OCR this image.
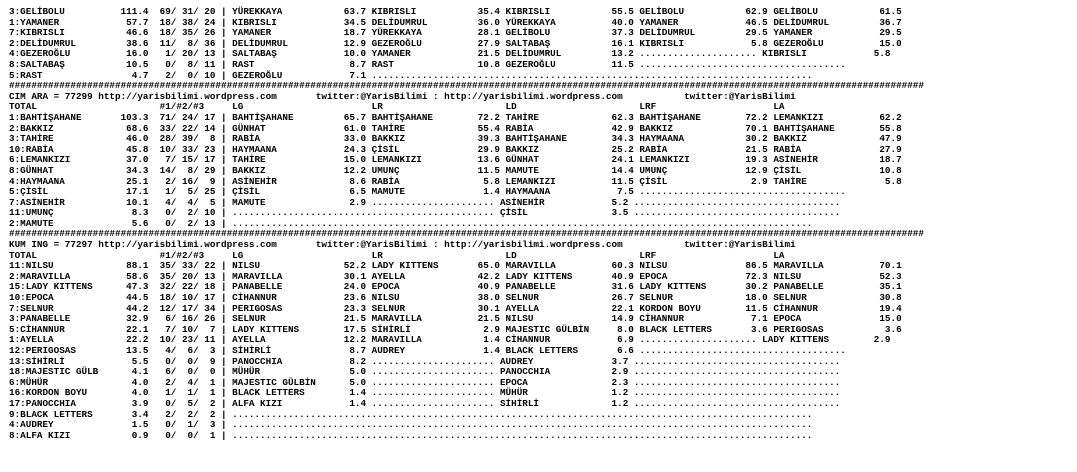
3:GELİBOLU          111.4  69/ 31/ 20 | YÜREKKAYA           63.7 KIBRISLI           35.4 KIBRISLI           55.5 GELİBOLU           62.9 GELİBOLU           61.5
1:YAMANER            57.7  18/ 38/ 24 | KIBRISLI            34.5 DELİDUMRUL         36.0 YÜREKKAYA          40.0 YAMANER            46.5 DELİDUMRUL         36.7
7:KIBRISLI           46.6  18/ 35/ 26 | YAMANER             18.7 YÜREKKAYA          28.1 GELİBOLU           37.3 DELİDUMRUL         29.5 YAMANER            29.5
2:DELİDUMRUL         38.6  11/  8/ 36 | DELİDUMRUL          12.9 GEZEROĞLU          27.9 SALTABAŞ           16.1 KIBRISLI            5.8 GEZEROĞLU          15.0
4:GEZEROĞLU          16.0   1/ 20/ 13 | SALTABAŞ            10.0 YAMANER            21.5 DELİDUMRUL         13.2 ..................... KIBRISLI            5.8
8:SALTABAŞ           10.5   0/  8/ 11 | RAST                 8.7 RAST               10.8 GEZEROĞLU          11.5 .....................................
5:RAST                4.7   2/  0/ 10 | GEZEROĞLU            7.1 ...............................................................................
####################################################################################################################################################################
CIM ARA = 77299 http://yarisbilimi.wordpress.com       twitter:@YarisBilimi : http://yarisbilimi.wordpress.com           twitter:@YarisBilimi
TOTAL                      #1/#2/#3     LG                       LR                      LD                      LRF                     LA
1:BAHTİŞAHANE       103.3  71/ 24/ 17 | BAHTİŞAHANE         65.7 BAHTİŞAHANE        72.2 TAHİRE             62.3 BAHTİŞAHANE        72.2 LEMANKIZI          62.2
2:BAKKIZ             68.6  33/ 22/ 14 | GÜNHAT              61.0 TAHİRE             55.4 RABİA              42.9 BAKKIZ             70.1 BAHTİŞAHANE        55.8
3:TAHİRE             46.0  28/ 39/  8 | RABİA               33.0 BAKKIZ             39.3 BAHTİŞAHANE        34.3 HAYMAANA           30.2 BAKKIZ             47.9
10:RABİA             45.8  10/ 33/ 23 | HAYMAANA            24.3 ÇİSİL              29.9 BAKKIZ             25.2 RABİA              21.5 RABİA              27.9
6:LEMANKIZI          37.0   7/ 15/ 17 | TAHİRE              15.0 LEMANKIZI          13.6 GÜNHAT             24.1 LEMANKIZI          19.3 ASİNEHİR           18.7
8:GÜNHAT             34.3  14/  8/ 29 | BAKKIZ              12.2 UMUNÇ              11.5 MAMUTE             14.4 UMUNÇ              12.9 ÇİSİL              10.8
4:HAYMAANA           25.1   2/ 16/  9 | ASİNEHİR             8.6 RABİA               5.8 LEMANKIZI          11.5 ÇİSİL               2.9 TAHİRE              5.8
5:ÇİSİL              17.1   1/  5/ 25 | ÇİSİL                6.5 MAMUTE              1.4 HAYMAANA            7.5 .....................................
7:ASİNEHİR           10.1   4/  4/  5 | MAMUTE               2.9 ...................... ASİNEHİR            5.2 .....................................
11:UMUNÇ              8.3   0/  2/ 10 | ............................................... ÇİSİL               3.5 .....................................
2:MAMUTE              5.6   0/  2/ 13 | ........................................................................................................
####################################################################################################################################################################
KUM ING = 77297 http://yarisbilimi.wordpress.com       twitter:@YarisBilimi : http://yarisbilimi.wordpress.com           twitter:@YarisBilimi
TOTAL                      #1/#2/#3     LG                       LR                      LD                      LRF                     LA
11:NILSU             88.1  35/ 33/ 22 | NILSU               52.2 LADY KITTENS       65.0 MARAVILLA          60.3 NILSU              86.5 MARAVILLA          70.1
2:MARAVILLA          58.6  35/ 20/ 13 | MARAVILLA           30.1 AYELLA             42.2 LADY KITTENS       40.9 EPOCA              72.3 NILSU              52.3
15:LADY KITTENS      47.3  32/ 22/ 18 | PANABELLE           24.0 EPOCA              40.9 PANABELLE          31.6 LADY KITTENS       30.2 PANABELLE          35.1
10:EPOCA             44.5  18/ 10/ 17 | CİHANNUR            23.6 NILSU              38.0 SELNUR             26.7 SELNUR             18.0 SELNUR             30.8
7:SELNUR             44.2  12/ 17/ 34 | PERIGOSAS           23.3 SELNUR             30.1 AYELLA             22.1 KORDON BOYU        11.5 CİHANNUR           19.4
3:PANABELLE          32.9   6/ 16/ 26 | SELNUR              21.5 MARAVILLA          21.5 NILSU              14.9 CİHANNUR            7.1 EPOCA              15.0
5:CİHANNUR           22.1   7/ 10/  7 | LADY KITTENS        17.5 SİHİRLİ             2.9 MAJESTIC GÜLBİN     8.0 BLACK LETTERS       3.6 PERIGOSAS           3.6
1:AYELLA             22.2  10/ 23/ 11 | AYELLA              12.2 MARAVILLA           1.4 CİHANNUR            6.9 ..................... LADY KITTENS        2.9
12:PERIGOSAS         13.5   4/  6/  3 | SİHİRLİ              8.7 AUDREY              1.4 BLACK LETTERS       6.6 .....................................
13:SİHİRLİ            5.5   0/  0/  9 | PANOCCHIA            8.2 ...................... AUDREY              3.7 .....................................
18:MAJESTIC GÜLB      4.1   6/  0/  0 | MÜHÜR                5.0 ...................... PANOCCHIA           2.9 .....................................
6:MÜHÜR               4.0   2/  4/  1 | MAJESTIC GÜLBİN      5.0 ...................... EPOCA               2.3 .....................................
16:KORDON BOYU        4.0   1/  1/  1 | BLACK LETTERS        1.4 ...................... MÜHÜR               1.2 .....................................
17:PANOCCHIA          3.9   0/  5/  2 | ALFA KIZI            1.4 ...................... SİHİRLİ             1.2 .....................................
9:BLACK LETTERS       3.4   2/  2/  2 | ........................................................................................................
4:AUDREY              1.5   0/  1/  3 | ........................................................................................................
8:ALFA KIZI           0.9   0/  0/  1 | ........................................................................................................
